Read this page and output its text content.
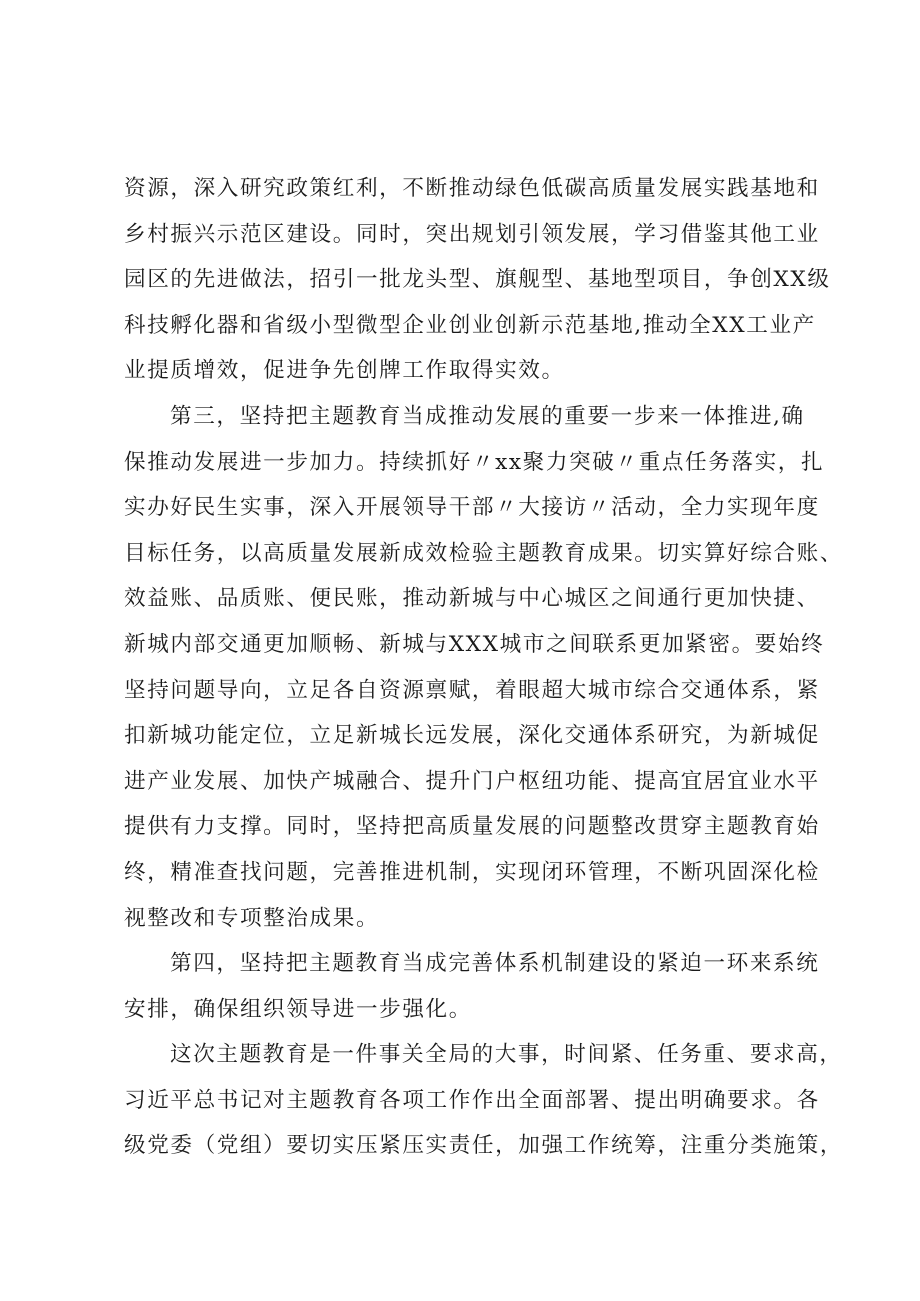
资源，深入研究政策红利，不断推动绿色低碳高质量发展实践基地和
乡村振兴示范区建设。同时，突出规划引领发展，学习借鉴其他工业
园区的先进做法，招引一批龙头型、旗舰型、基地型项目，争创XX级
科技孵化器和省级小型微型企业创业创新示范基地,推动全XX工业产
业提质增效，促进争先创牌工作取得实效。
第三，坚持把主题教育当成推动发展的重要一步来一体推进,确
保推动发展进一步加力。持续抓好〃xx聚力突破〃重点任务落实，扎
实办好民生实事，深入开展领导干部〃大接访〃活动，全力实现年度
目标任务，以高质量发展新成效检验主题教育成果。切实算好综合账、
效益账、品质账、便民账，推动新城与中心城区之间通行更加快捷、
新城内部交通更加顺畅、新城与XXX城市之间联系更加紧密。要始终
坚持问题导向，立足各自资源禀赋，着眼超大城市综合交通体系，紧
扣新城功能定位，立足新城长远发展，深化交通体系研究，为新城促
进产业发展、加快产城融合、提升门户枢纽功能、提高宜居宜业水平
提供有力支撑。同时，坚持把高质量发展的问题整改贯穿主题教育始
终，精准查找问题，完善推进机制，实现闭环管理，不断巩固深化检
视整改和专项整治成果。
第四，坚持把主题教育当成完善体系机制建设的紧迫一环来系统
安排，确保组织领导进一步强化。
这次主题教育是一件事关全局的大事，时间紧、任务重、要求高，
习近平总书记对主题教育各项工作作出全面部署、提出明确要求。各
级党委（党组）要切实压紧压实责任，加强工作统筹，注重分类施策，
